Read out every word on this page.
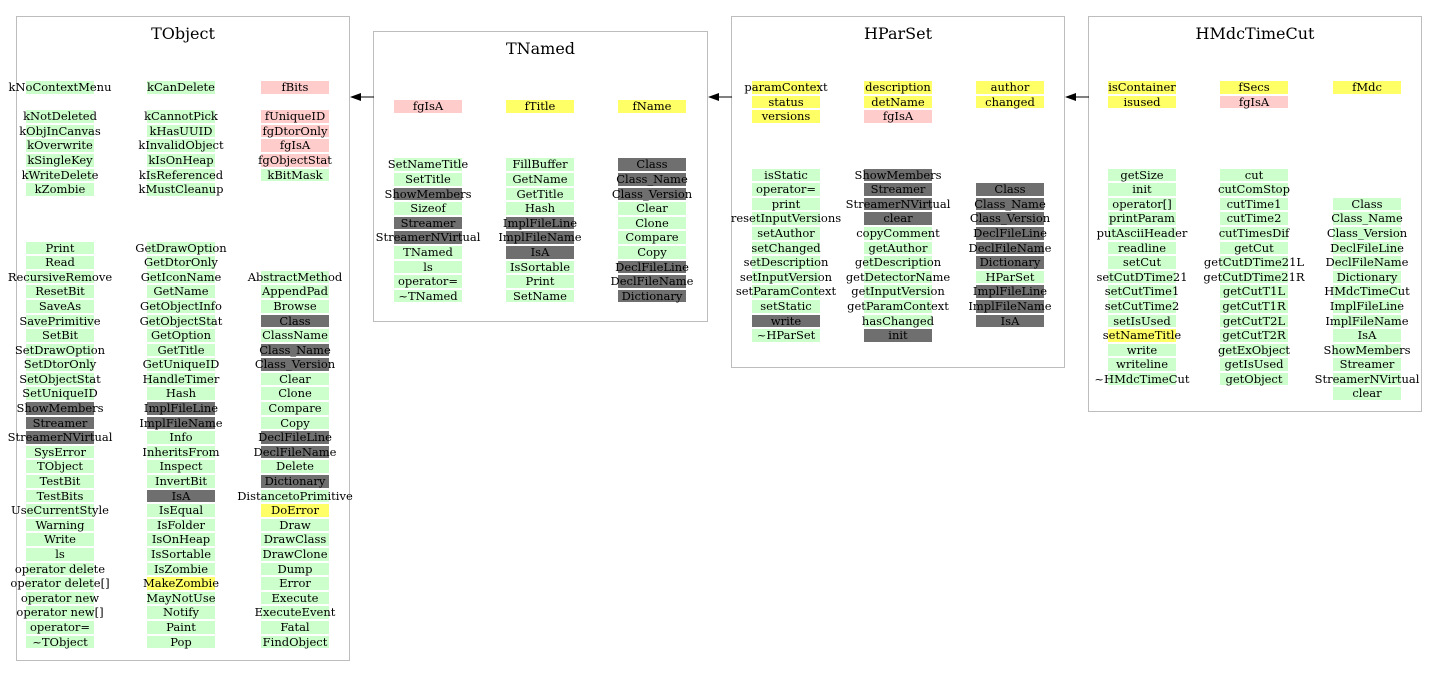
TObject
TNamed
HParSet	HMdcTimeCut
kNoContextMenu
kNotDeleted
kObjInCanvas
kOverwrite
kSingleKey
kWriteDelete
kZombie
Print
Read
RecursiveRemove
ResetBit
SaveAs
SavePrimitive
SetBit
SetDrawOption
SetDtorOnly
SetObjectStat
SetUniqueID
ShowMembers
Streamer
StreamerNVirtual
SysError
TObject
TestBit
TestBits
UseCurrentStyle
Warning
Write
ls
operator delete
operator delete[]
operator new
operator new[]
operator=
~TObject
kCanDelete
kCannotPick
kHasUUID
kInvalidObject
kIsOnHeap
kIsReferenced
kMustCleanup
GetDrawOption
GetDtorOnly
GetIconName
GetName
GetObjectInfo
GetObjectStat
GetOption
GetTitle
GetUniqueID
HandleTimer
Hash
ImplFileLine
ImplFileName
Info
InheritsFrom
Inspect
InvertBit
IsA
IsEqual
IsFolder
IsOnHeap
IsSortable
IsZombie
MakeZombie
MayNotUse
Notify
Paint
Pop
fBits
fUniqueID
fgDtorOnly
fgIsA
fgObjectStat
kBitMask
AbstractMethod
AppendPad
Browse
Class
ClassName
Class_Name
Class_Version
Clear
Clone
Compare
Copy
DeclFileLine
DeclFileName
Delete
Dictionary
DistancetoPrimitive
DoError
Draw
DrawClass
DrawClone
Dump
Error
Execute
ExecuteEvent
Fatal
FindObject
fgIsA
SetNameTitle
SetTitle
ShowMembers
Sizeof
Streamer
StreamerNVirtual
TNamed
ls
operator=
~TNamed
fTitle
FillBuffer
GetName
GetTitle
Hash
ImplFileLine
ImplFileName
IsA
IsSortable
Print
SetName
fName
Class
Class_Name
Class_Version
Clear
Clone
Compare
Copy
DeclFileLine
DeclFileName
Dictionary
paramContext
status
versions
isStatic
operator=
print
resetInputVersions
setAuthor
setChanged
setDescription
setInputVersion
setParamContext
setStatic
write
~HParSet
description
detName
fgIsA
ShowMembers
Streamer
StreamerNVirtual
clear
copyComment
getAuthor
getDescription
getDetectorName
getInputVersion
getParamContext
hasChanged
init
author
changed
Class
Class_Name
Class_Version
DeclFileLine
DeclFileName
Dictionary
HParSet
ImplFileLine
ImplFileName
IsA
isContainer
isused
getSize
init
operator[]
printParam
putAsciiHeader
readline
setCut
setCutDTime21
setCutTime1
setCutTime2
setIsUsed
setNameTitle
write
writeline
~HMdcTimeCut
fSecs
fgIsA
cut
cutComStop
cutTime1
cutTime2
cutTimesDif
getCut
getCutDTime21L
getCutDTime21R
getCutT1L
getCutT1R
getCutT2L
getCutT2R
getExObject
getIsUsed
getObject
fMdc
Class
Class_Name
Class_Version
DeclFileLine
DeclFileName
Dictionary
HMdcTimeCut
ImplFileLine
ImplFileName
IsA
ShowMembers
Streamer
StreamerNVirtual
clear
